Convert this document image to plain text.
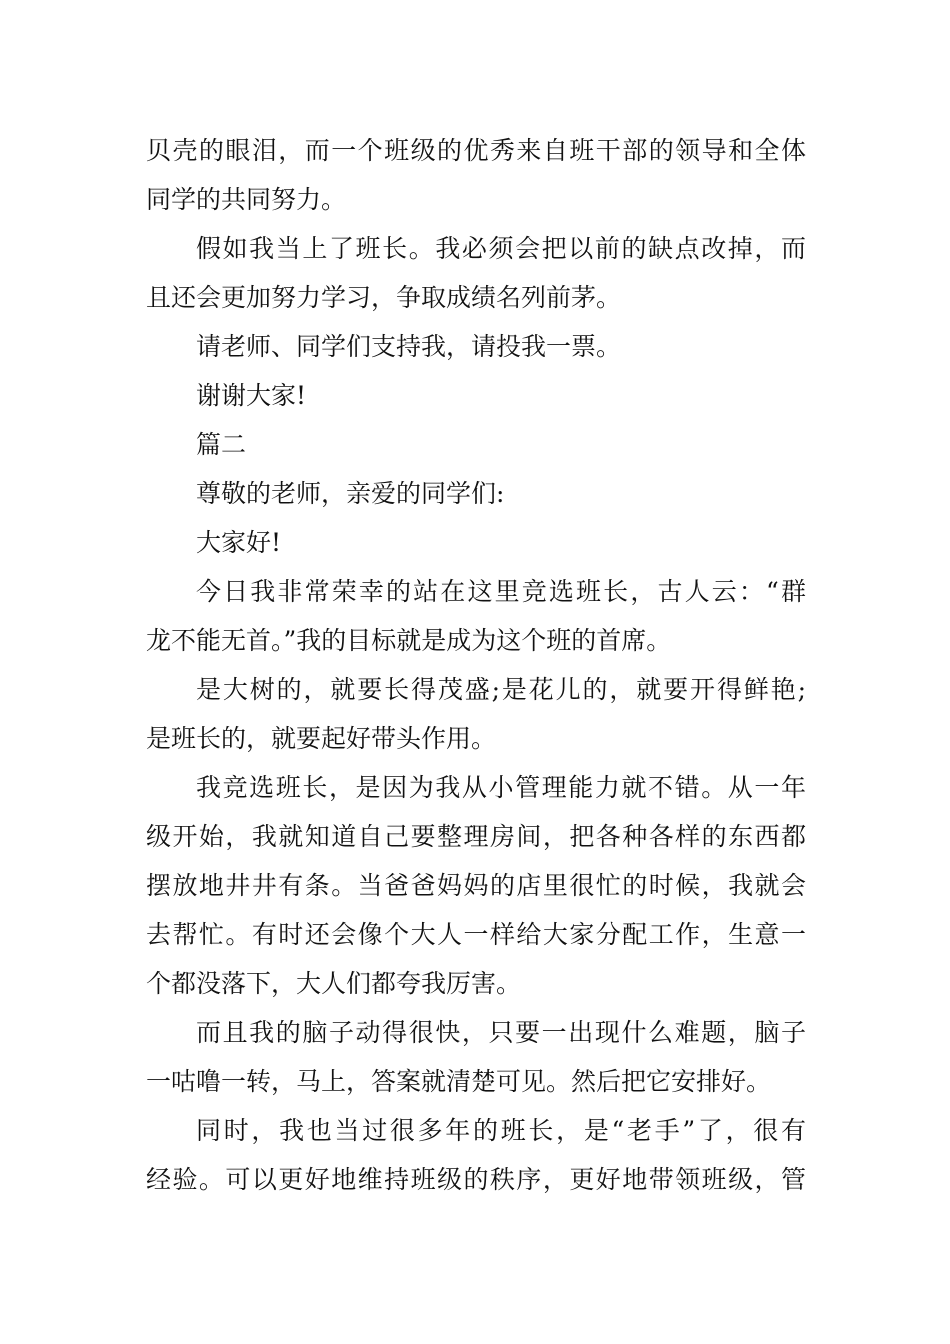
贝壳的眼泪，而一个班级的优秀来自班干部的领导和全体
同学的共同努力。
假如我当上了班长。我必须会把以前的缺点改掉，而
且还会更加努力学习，争取成绩名列前茅。
请老师、同学们支持我，请投我一票。
谢谢大家!
篇二
尊敬的老师，亲爱的同学们:
大家好!
今日我非常荣幸的站在这里竞选班长，古人云：“群
龙不能无首。”我的目标就是成为这个班的首席。
是大树的，就要长得茂盛;是花儿的，就要开得鲜艳;
是班长的，就要起好带头作用。
我竞选班长，是因为我从小管理能力就不错。从一年
级开始，我就知道自己要整理房间，把各种各样的东西都
摆放地井井有条。当爸爸妈妈的店里很忙的时候，我就会
去帮忙。有时还会像个大人一样给大家分配工作，生意一
个都没落下，大人们都夸我厉害。
而且我的脑子动得很快，只要一出现什么难题，脑子
一咕噜一转，马上，答案就清楚可见。然后把它安排好。
同时，我也当过很多年的班长，是“老手”了，很有
经验。可以更好地维持班级的秩序，更好地带领班级，管
